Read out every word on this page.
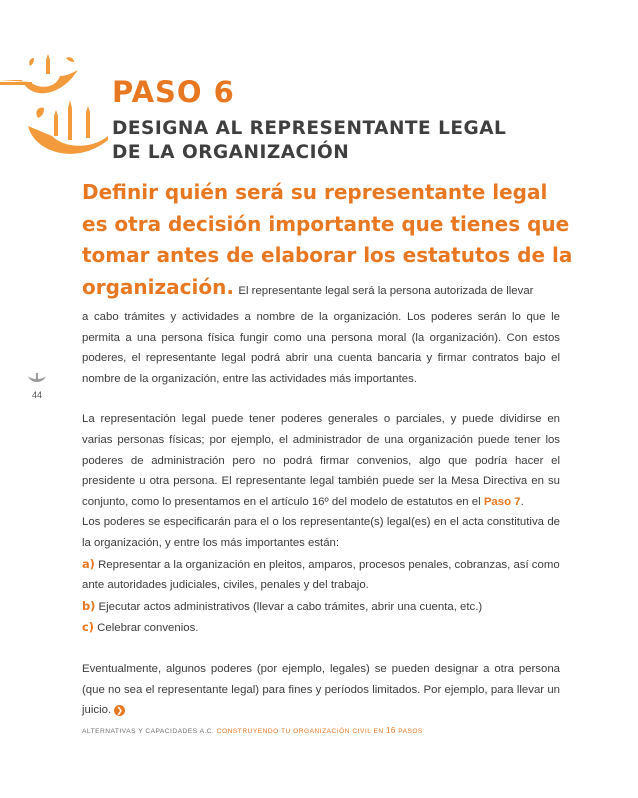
PASO 6
DESIGNA AL REPRESENTANTE LEGAL
DE LA ORGANIZACIÓN
44
Definir quién será su representante legal
es otra decisión importante que tienes que
tomar antes de elaborar los estatutos de la
organización. El representante legal será la persona autorizada de llevar

a cabo trámites y actividades a nombre de la organización. Los poderes serán lo que le permita a una persona física fungir como una persona moral (la organización). Con estos poderes, el representante legal podrá abrir una cuenta bancaria y firmar contratos bajo el nombre de la organización, entre las actividades más importantes.

La representación legal puede tener poderes generales o parciales, y puede dividirse en varias personas físicas; por ejemplo, el administrador de una organización puede tener los poderes de administración pero no podrá firmar convenios, algo que podría hacer el presidente u otra persona. El representante legal también puede ser la Mesa Directiva en su conjunto, como lo presentamos en el artículo 16º del modelo de estatutos en el Paso 7.

Los poderes se especificarán para el o los representante(s) legal(es) en el acta constitutiva de la organización, y entre los más importantes están:

a) Representar a la organización en pleitos, amparos, procesos penales, cobranzas, así como ante autoridades judiciales, civiles, penales y del trabajo.

b) Ejecutar actos administrativos (llevar a cabo trámites, abrir una cuenta, etc.)

c) Celebrar convenios.

Eventualmente, algunos poderes (por ejemplo, legales) se pueden designar a otra persona (que no sea el representante legal) para fines y períodos limitados. Por ejemplo, para llevar un juicio. ❯

ALTERNATIVAS Y CAPACIDADES A.C. CONSTRUYENDO TU ORGANIZACIÓN CIVIL EN 16 PASOS
